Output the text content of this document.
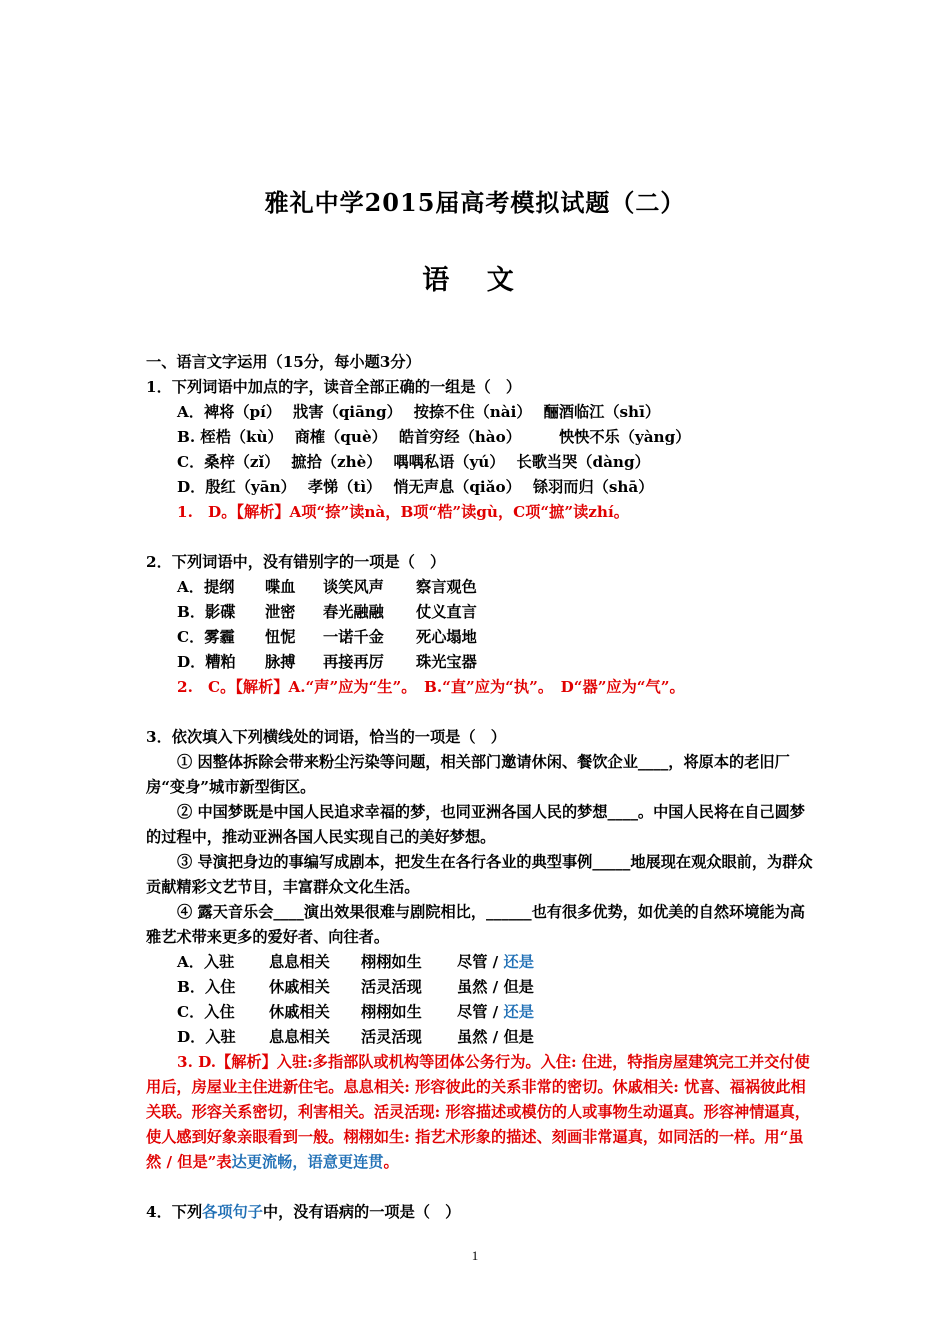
雅礼中学2015届高考模拟试题（二）
语 文
一、语言文字运用（15分，每小题3分）
1．下列词语中加点的字，读音全部正确的一组是（　）
A．裨将（pí） 戕害（qiāng） 按捺不住（nài） 酾酒临江（shī）
B. 桎梏（kù） 商榷（què） 皓首穷经（hào）	怏怏不乐（yàng）
C．桑梓（zǐ） 摭拾（zhè） 喁喁私语（yú） 长歌当哭（dàng）
D．殷红（yān） 孝悌（tì） 悄无声息（qiǎo） 铩羽而归（shā）
1.　D。【解析】A项“捺”读nà，B项“梏”读gù，C项“摭”读zhí。
2．下列词语中，没有错别字的一项是（　）
A．提纲 喋血 谈笑风声 察言观色
B．影碟 泄密 春光融融 仗义直言
C．雾霾 忸怩 一诺千金 死心塌地
D．糟粕 脉搏 再接再厉 珠光宝器
2.　C。【解析】A.“声”应为“生”。　B.“直”应为“执”。　D“器”应为“气”。
3．依次填入下列横线处的词语，恰当的一项是（　）
① 因整体拆除会带来粉尘污染等问题，相关部门邀请休闲、餐饮企业____，将原本的老旧厂房“变身”城市新型街区。
② 中国梦既是中国人民追求幸福的梦，也同亚洲各国人民的梦想____。中国人民将在自己圆梦的过程中，推动亚洲各国人民实现自己的美好梦想。
③ 导演把身边的事编写成剧本，把发生在各行各业的典型事例_____地展现在观众眼前，为群众贡献精彩文艺节目，丰富群众文化生活。
④ 露天音乐会____演出效果很难与剧院相比，______也有很多优势，如优美的自然环境能为高雅艺术带来更多的爱好者、向往者。
A．入驻 息息相关 栩栩如生 尽管 / 还是
B．入住 休戚相关 活灵活现 虽然 / 但是
C．入住 休戚相关 栩栩如生 尽管 / 还是
D．入驻 息息相关 活灵活现 虽然 / 但是
3. D.【解析】入驻:多指部队或机构等团体公务行为。入住: 住进，特指房屋建筑完工并交付使用后，房屋业主住进新住宅。息息相关: 形容彼此的关系非常的密切。休戚相关: 忧喜、福祸彼此相关联。形容关系密切，利害相关。活灵活现: 形容描述或模仿的人或事物生动逼真。形容神情逼真，使人感到好象亲眼看到一般。栩栩如生: 指艺术形象的描述、刻画非常逼真，如同活的一样。用“虽然 / 但是”表达更流畅，语意更连贯。
4．下列各项句子中，没有语病的一项是（　）
1
